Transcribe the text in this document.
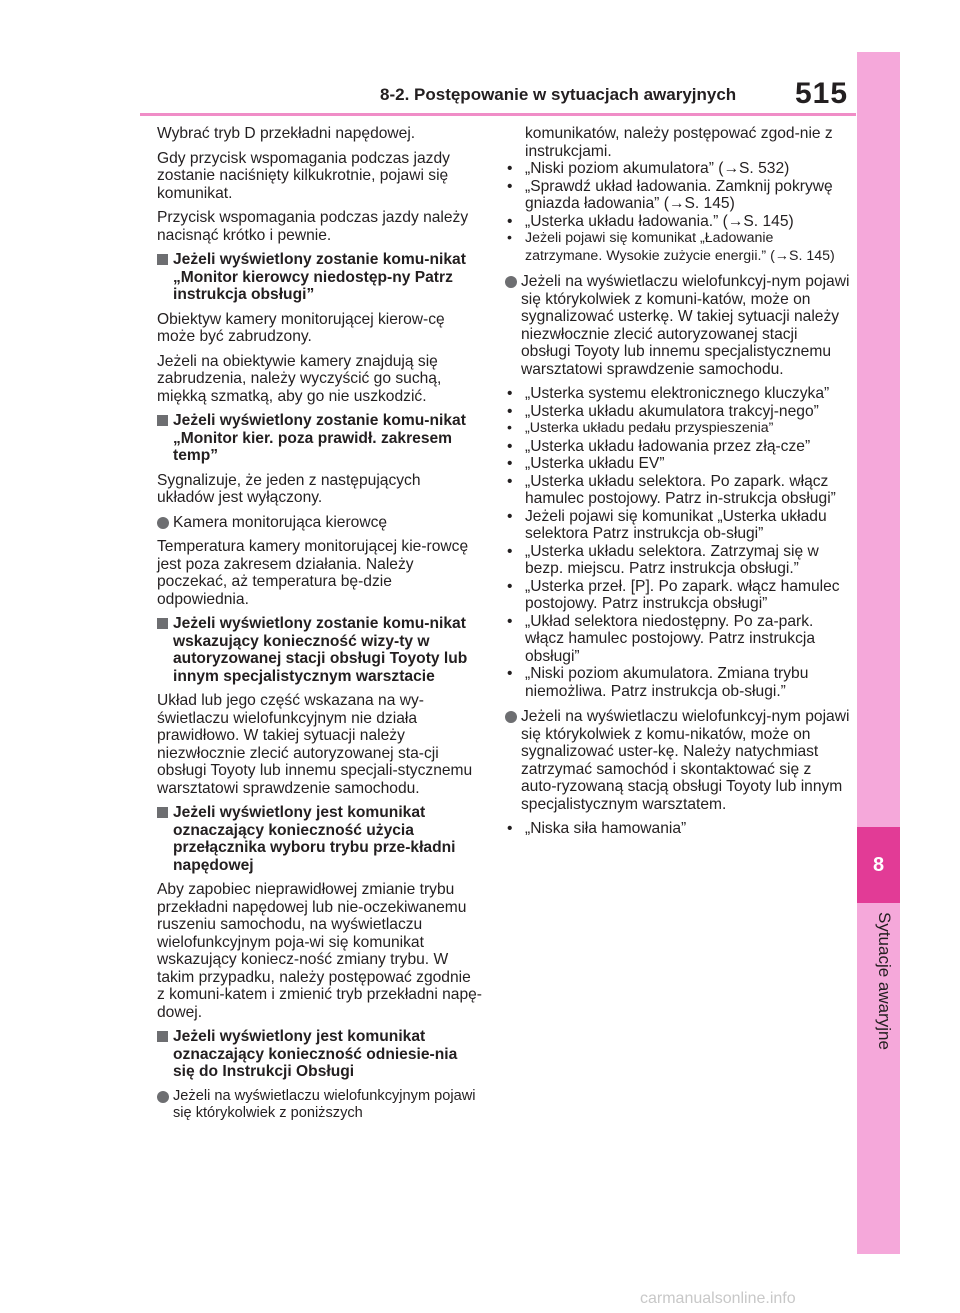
8
Sytuacje awaryjne
8-2. Postępowanie w sytuacjach awaryjnych 515

Wybrać tryb D przekładni napędowej.

Gdy przycisk wspomagania podczas jazdy zostanie naciśnięty kilkukrotnie, pojawi się komunikat.

Przycisk wspomagania podczas jazdy należy nacisnąć krótko i pewnie.

Jeżeli wyświetlony zostanie komu-nikat „Monitor kierowcy niedostęp-ny Patrz instrukcja obsługi”

Obiektyw kamery monitorującej kierow-cę może być zabrudzony.

Jeżeli na obiektywie kamery znajdują się zabrudzenia, należy wyczyścić go suchą, miękką szmatką, aby go nie uszkodzić.

Jeżeli wyświetlony zostanie komu-nikat „Monitor kier. poza prawidł. zakresem temp”

Sygnalizuje, że jeden z następujących układów jest wyłączony.

Kamera monitorująca kierowcę

Temperatura kamery monitorującej kie-rowcę jest poza zakresem działania. Należy poczekać, aż temperatura bę-dzie odpowiednia.

Jeżeli wyświetlony zostanie komu-nikat wskazujący konieczność wizy-ty w autoryzowanej stacji obsługi Toyoty lub innym specjalistycznym warsztacie

Układ lub jego część wskazana na wy-świetlaczu wielofunkcyjnym nie działa prawidłowo. W takiej sytuacji należy niezwłocznie zlecić autoryzowanej sta-cji obsługi Toyoty lub innemu specjali-stycznemu warsztatowi sprawdzenie samochodu.

Jeżeli wyświetlony jest komunikat oznaczający konieczność użycia przełącznika wyboru trybu prze-kładni napędowej

Aby zapobiec nieprawidłowej zmianie trybu przekładni napędowej lub nie-oczekiwanemu ruszeniu samochodu, na wyświetlaczu wielofunkcyjnym poja-wi się komunikat wskazujący koniecz-ność zmiany trybu. W takim przypadku, należy postępować zgodnie z komuni-katem i zmienić tryb przekładni napę-dowej.

Jeżeli wyświetlony jest komunikat oznaczający konieczność odniesie-nia się do Instrukcji Obsługi
Jeżeli na wyświetlaczu wielofunkcyjnym pojawi się którykolwiek z poniższych
komunikatów, należy postępować zgod-nie z instrukcjami.
• „Niski poziom akumulatora” (→S. 532)
• „Sprawdź układ ładowania. Zamknij pokrywę gniazda ładowania” (→S. 145)
• „Usterka układu ładowania.” (→S. 145)
• Jeżeli pojawi się komunikat „Ładowanie zatrzymane. Wysokie zużycie energii.” (→S. 145)
Jeżeli na wyświetlaczu wielofunkcyj-nym pojawi się którykolwiek z komuni-katów, może on sygnalizować usterkę. W takiej sytuacji należy niezwłocznie zlecić autoryzowanej stacji obsługi Toyoty lub innemu specjalistycznemu warsztatowi sprawdzenie samochodu.
• „Usterka systemu elektronicznego kluczyka”
• „Usterka układu akumulatora trakcyj-nego”
• „Usterka układu pedału przyspieszenia”
• „Usterka układu ładowania przez złą-cze”
• „Usterka układu EV”
• „Usterka układu selektora. Po zapark. włącz hamulec postojowy. Patrz in-strukcja obsługi”
• Jeżeli pojawi się komunikat „Usterka układu selektora Patrz instrukcja ob-sługi”
• „Usterka układu selektora. Zatrzymaj się w bezp. miejscu. Patrz instrukcja obsługi.”
• „Usterka przeł. [P]. Po zapark. włącz hamulec postojowy. Patrz instrukcja obsługi”
• „Układ selektora niedostępny. Po za-park. włącz hamulec postojowy. Patrz instrukcja obsługi”
• „Niski poziom akumulatora. Zmiana trybu niemożliwa. Patrz instrukcja ob-sługi.”
Jeżeli na wyświetlaczu wielofunkcyj-nym pojawi się którykolwiek z komu-nikatów, może on sygnalizować uster-kę. Należy natychmiast zatrzymać samochód i skontaktować się z auto-ryzowaną stacją obsługi Toyoty lub innym specjalistycznym warsztatem.
• „Niska siła hamowania”
carmanualsonline.info
